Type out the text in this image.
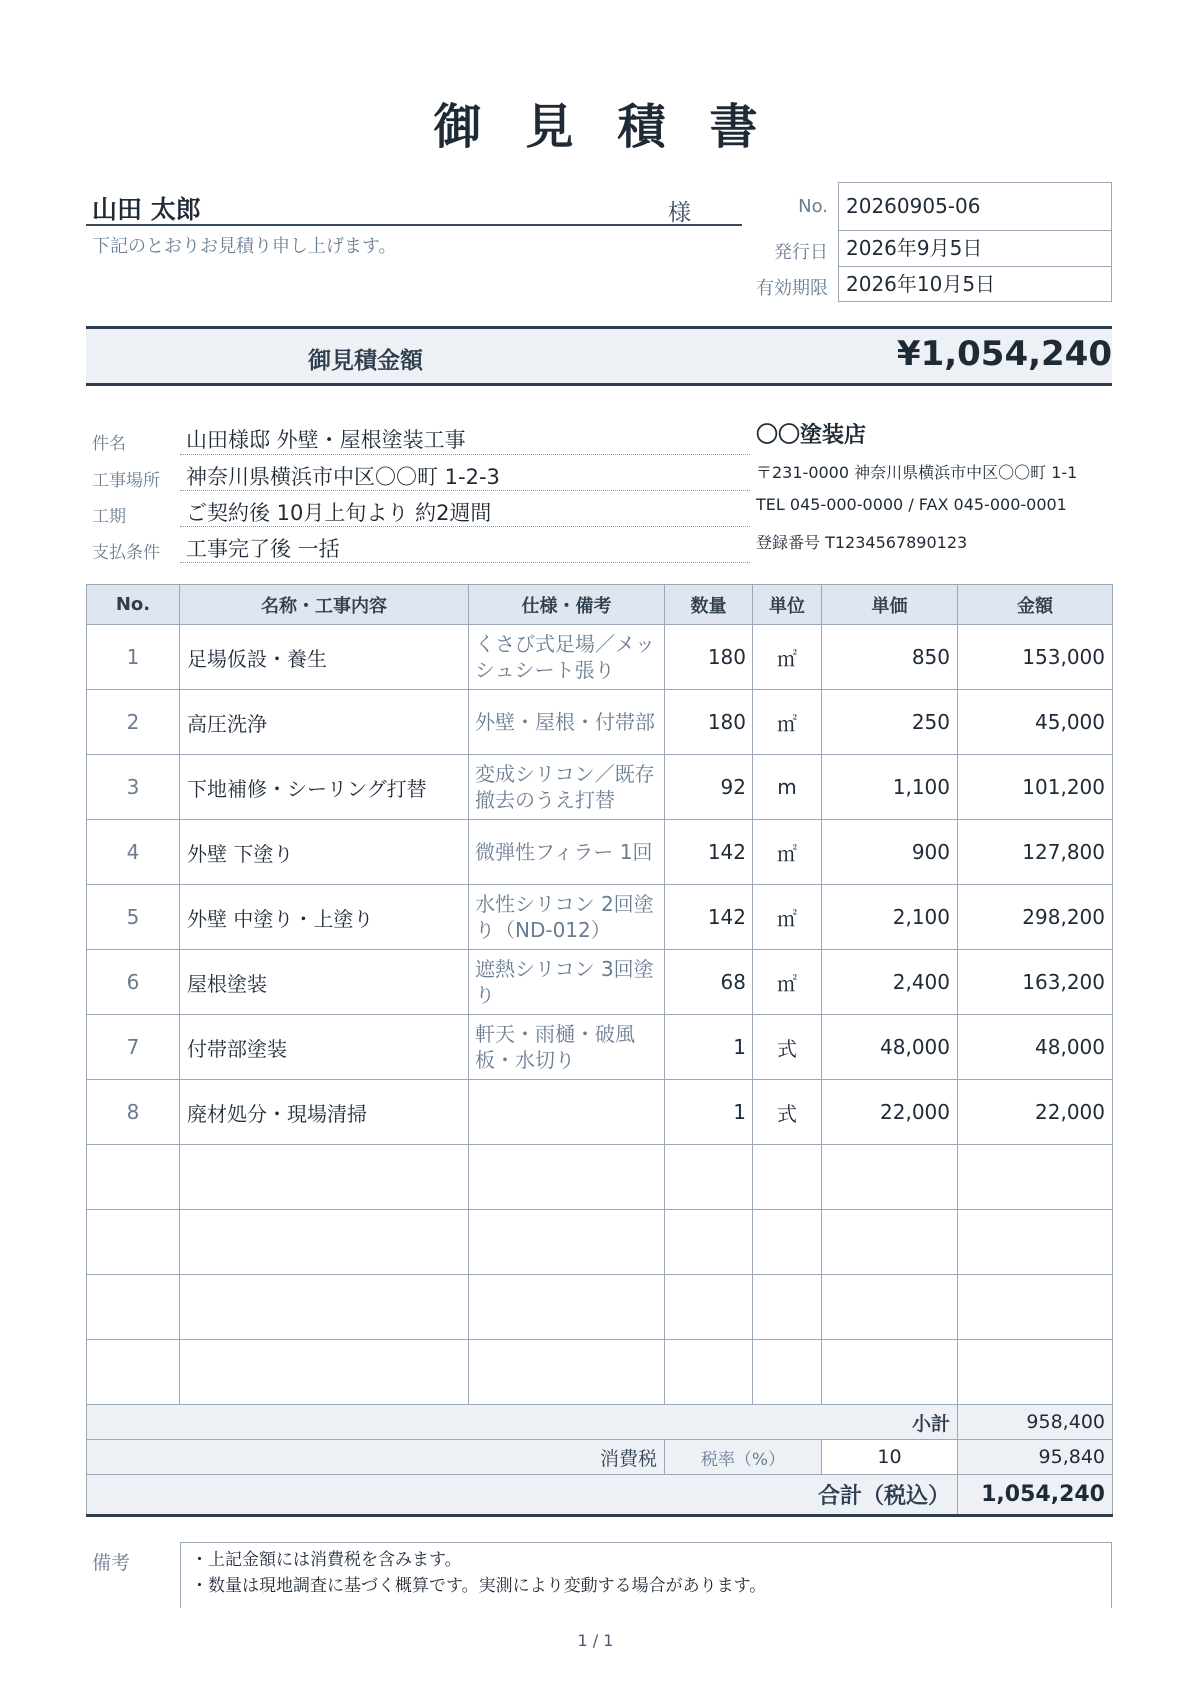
御見積書
山田 太郎	様
下記のとおりお見積り申し上げます。
No. 20260905-06
発行日 2026年9月5日
有効期限 2026年10月5日
御見積金額	¥1,054,240
件名	山田様邸 外壁・屋根塗装工事
工事場所 神奈川県横浜市中区〇〇町 1-2-3
工期	ご契約後 10月上旬より 約2週間
支払条件 工事完了後 一括
〇〇塗装店
〒231-0000 神奈川県横浜市中区〇〇町 1-1
TEL 045-000-0000 / FAX 045-000-0001
登録番号 T1234567890123
No.	名称・工事内容	仕様・備考	数量	単位	単価	金額
1	足場仮設・養生	くさび式足場／メッシュシート張り	180	㎡	850	153,000
2	高圧洗浄	外壁・屋根・付帯部	180	㎡	250	45,000
3	下地補修・シーリング打替	変成シリコン／既存撤去のうえ打替	92	m	1,100	101,200
4	外壁 下塗り	微弾性フィラー 1回	142	㎡	900	127,800
5	外壁 中塗り・上塗り	水性シリコン 2回塗り（ND-012）	142	㎡	2,100	298,200
6	屋根塗装	遮熱シリコン 3回塗り	68	㎡	2,400	163,200
7	付帯部塗装	軒天・雨樋・破風板・水切り	1	式	48,000	48,000
8	廃材処分・現場清掃		1	式	22,000	22,000

小計						958,400
消費税			税率（%）		10	95,840
合計（税込）						1,054,240
備考	・上記金額には消費税を含みます。
・数量は現地調査に基づく概算です。実測により変動する場合があります。
1 / 1
